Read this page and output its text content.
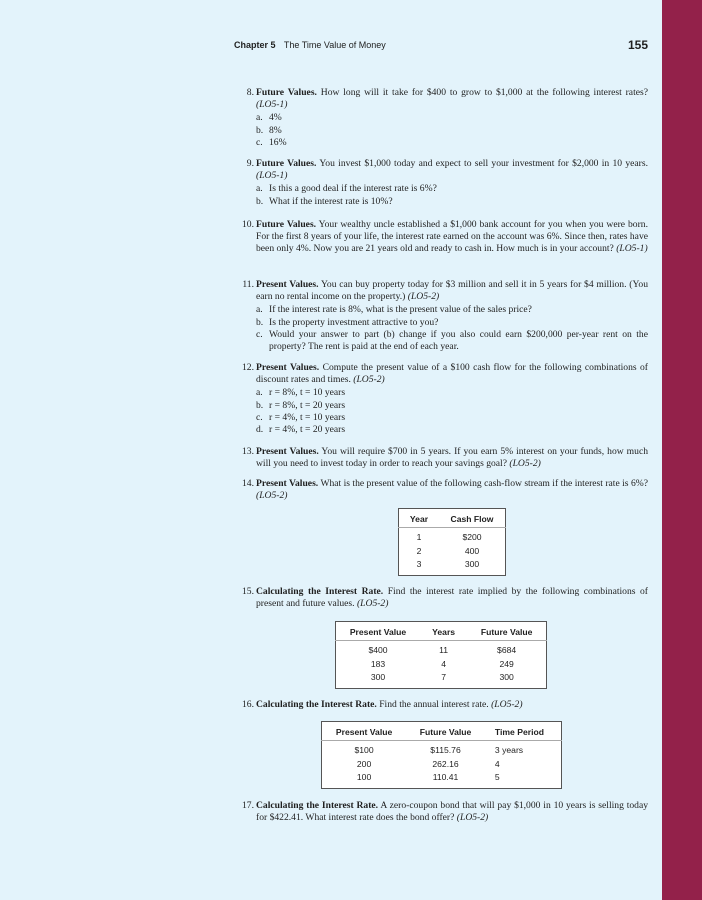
Chapter 5 The Time Value of Money	155
8. Future Values. How long will it take for $400 to grow to $1,000 at the following interest rates? (LO5-1)
a. 4%
b. 8%
c. 16%
9. Future Values. You invest $1,000 today and expect to sell your investment for $2,000 in 10 years. (LO5-1)
a. Is this a good deal if the interest rate is 6%?
b. What if the interest rate is 10%?
10. Future Values. Your wealthy uncle established a $1,000 bank account for you when you were born. For the first 8 years of your life, the interest rate earned on the account was 6%. Since then, rates have been only 4%. Now you are 21 years old and ready to cash in. How much is in your account? (LO5-1)
11. Present Values. You can buy property today for $3 million and sell it in 5 years for $4 million. (You earn no rental income on the property.) (LO5-2)
a. If the interest rate is 8%, what is the present value of the sales price?
b. Is the property investment attractive to you?
c. Would your answer to part (b) change if you also could earn $200,000 per-year rent on the property? The rent is paid at the end of each year.
12. Present Values. Compute the present value of a $100 cash flow for the following combinations of discount rates and times. (LO5-2)
a. r = 8%, t = 10 years
b. r = 8%, t = 20 years
c. r = 4%, t = 10 years
d. r = 4%, t = 20 years
13. Present Values. You will require $700 in 5 years. If you earn 5% interest on your funds, how much will you need to invest today in order to reach your savings goal? (LO5-2)
14. Present Values. What is the present value of the following cash-flow stream if the interest rate is 6%? (LO5-2)
15. Calculating the Interest Rate. Find the interest rate implied by the following combinations of present and future values. (LO5-2)
16. Calculating the Interest Rate. Find the annual interest rate. (LO5-2)
17. Calculating the Interest Rate. A zero-coupon bond that will pay $1,000 in 10 years is selling today for $422.41. What interest rate does the bond offer? (LO5-2)
Year	Cash Flow
1	$200
2	400
3	300
Present Value	Years	Future Value
$400	11	$684
183	4	249
300	7	300
Present Value	Future Value	Time Period
$100	$115.76	3 years
200	262.16	4
100	110.41	5
